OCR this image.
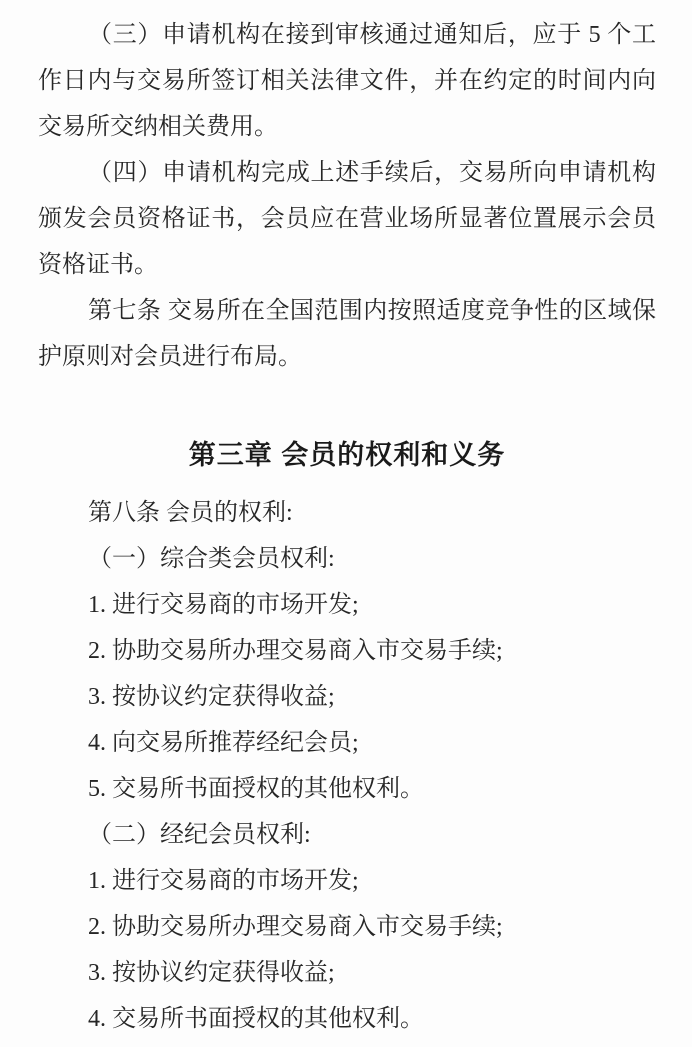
（三）申请机构在接到审核通过通知后，应于 5 个工作日内与交易所签订相关法律文件，并在约定的时间内向交易所交纳相关费用。

（四）申请机构完成上述手续后，交易所向申请机构颁发会员资格证书，会员应在营业场所显著位置展示会员资格证书。

第七条 交易所在全国范围内按照适度竞争性的区域保护原则对会员进行布局。

第三章 会员的权利和义务

第八条 会员的权利:

（一）综合类会员权利:

1. 进行交易商的市场开发;

2. 协助交易所办理交易商入市交易手续;

3. 按协议约定获得收益;

4. 向交易所推荐经纪会员;

5. 交易所书面授权的其他权利。

（二）经纪会员权利:

1. 进行交易商的市场开发;

2. 协助交易所办理交易商入市交易手续;

3. 按协议约定获得收益;

4. 交易所书面授权的其他权利。
